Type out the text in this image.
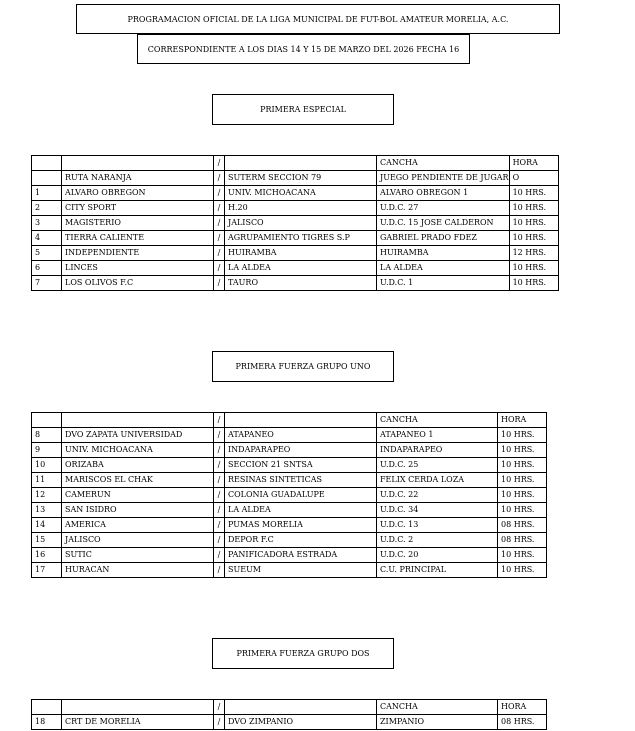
PROGRAMACION OFICIAL DE LA LIGA MUNICIPAL DE FUT-BOL AMATEUR MORELIA, A.C.
CORRESPONDIENTE A LOS DIAS 14 Y 15 DE MARZO DEL 2026 FECHA 16
PRIMERA ESPECIAL
PRIMERA FUERZA GRUPO UNO
PRIMERA FUERZA GRUPO DOS
		/		CANCHA	HORA
	RUTA NARANJA	/	SUTERM SECCION 79	JUEGO PENDIENTE DE JUGAR	O
1	ALVARO OBREGON	/	UNIV. MICHOACANA	ALVARO OBREGON 1	10 HRS.
2	CITY SPORT	/	H.20	U.D.C. 27	10 HRS.
3	MAGISTERIO	/	JALISCO	U.D.C. 15 JOSE CALDERON	10 HRS.
4	TIERRA CALIENTE	/	AGRUPAMIENTO TIGRES S.P	GABRIEL PRADO FDEZ	10 HRS.
5	INDEPENDIENTE	/	HUIRAMBA	HUIRAMBA	12 HRS.
6	LINCES	/	LA ALDEA	LA ALDEA	10 HRS.
7	LOS OLIVOS F.C	/	TAURO	U.D.C. 1	10 HRS.
		/		CANCHA	HORA
8	DVO ZAPATA UNIVERSIDAD	/	ATAPANEO	ATAPANEO 1	10 HRS.
9	UNIV. MICHOACANA	/	INDAPARAPEO	INDAPARAPEO	10 HRS.
10	ORIZABA	/	SECCION 21 SNTSA	U.D.C. 25	10 HRS.
11	MARISCOS EL CHAK	/	RESINAS SINTETICAS	FELIX CERDA LOZA	10 HRS.
12	CAMERUN	/	COLONIA GUADALUPE	U.D.C. 22	10 HRS.
13	SAN ISIDRO	/	LA ALDEA	U.D.C. 34	10 HRS.
14	AMERICA	/	PUMAS MORELIA	U.D.C. 13	08 HRS.
15	JALISCO	/	DEPOR F.C	U.D.C. 2	08 HRS.
16	SUTIC	/	PANIFICADORA ESTRADA	U.D.C. 20	10 HRS.
17	HURACAN	/	SUEUM	C.U. PRINCIPAL	10 HRS.
		/		CANCHA	HORA
18	CRT DE MORELIA	/	DVO ZIMPANIO	ZIMPANIO	08 HRS.
